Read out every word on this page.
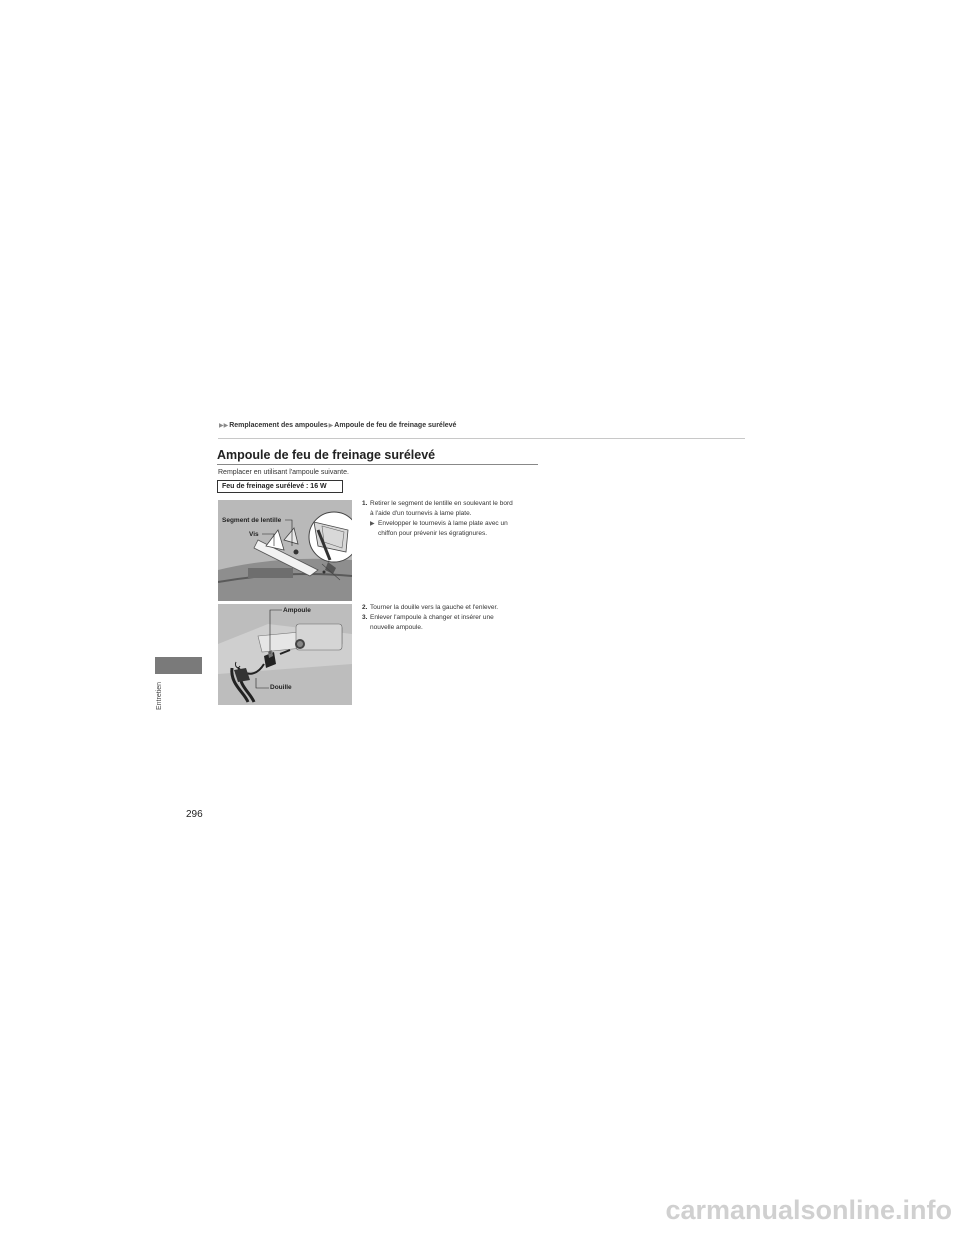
▶▶ Remplacement des ampoules ▶ Ampoule de feu de freinage surélevé
Ampoule de feu de freinage surélevé
Remplacer en utilisant l'ampoule suivante.
Feu de freinage surélevé : 16 W
Segment de lentille
Vis
Ampoule
Douille
1. Retirer le segment de lentille en soulevant le bord
à l'aide d'un tournevis à lame plate.
▶ Envelopper le tournevis à lame plate avec un
chiffon pour prévenir les égratignures.
2. Tourner la douille vers la gauche et l'enlever.
3. Enlever l'ampoule à changer et insérer une
nouvelle ampoule.
Entretien
296
carmanualsonline.info
